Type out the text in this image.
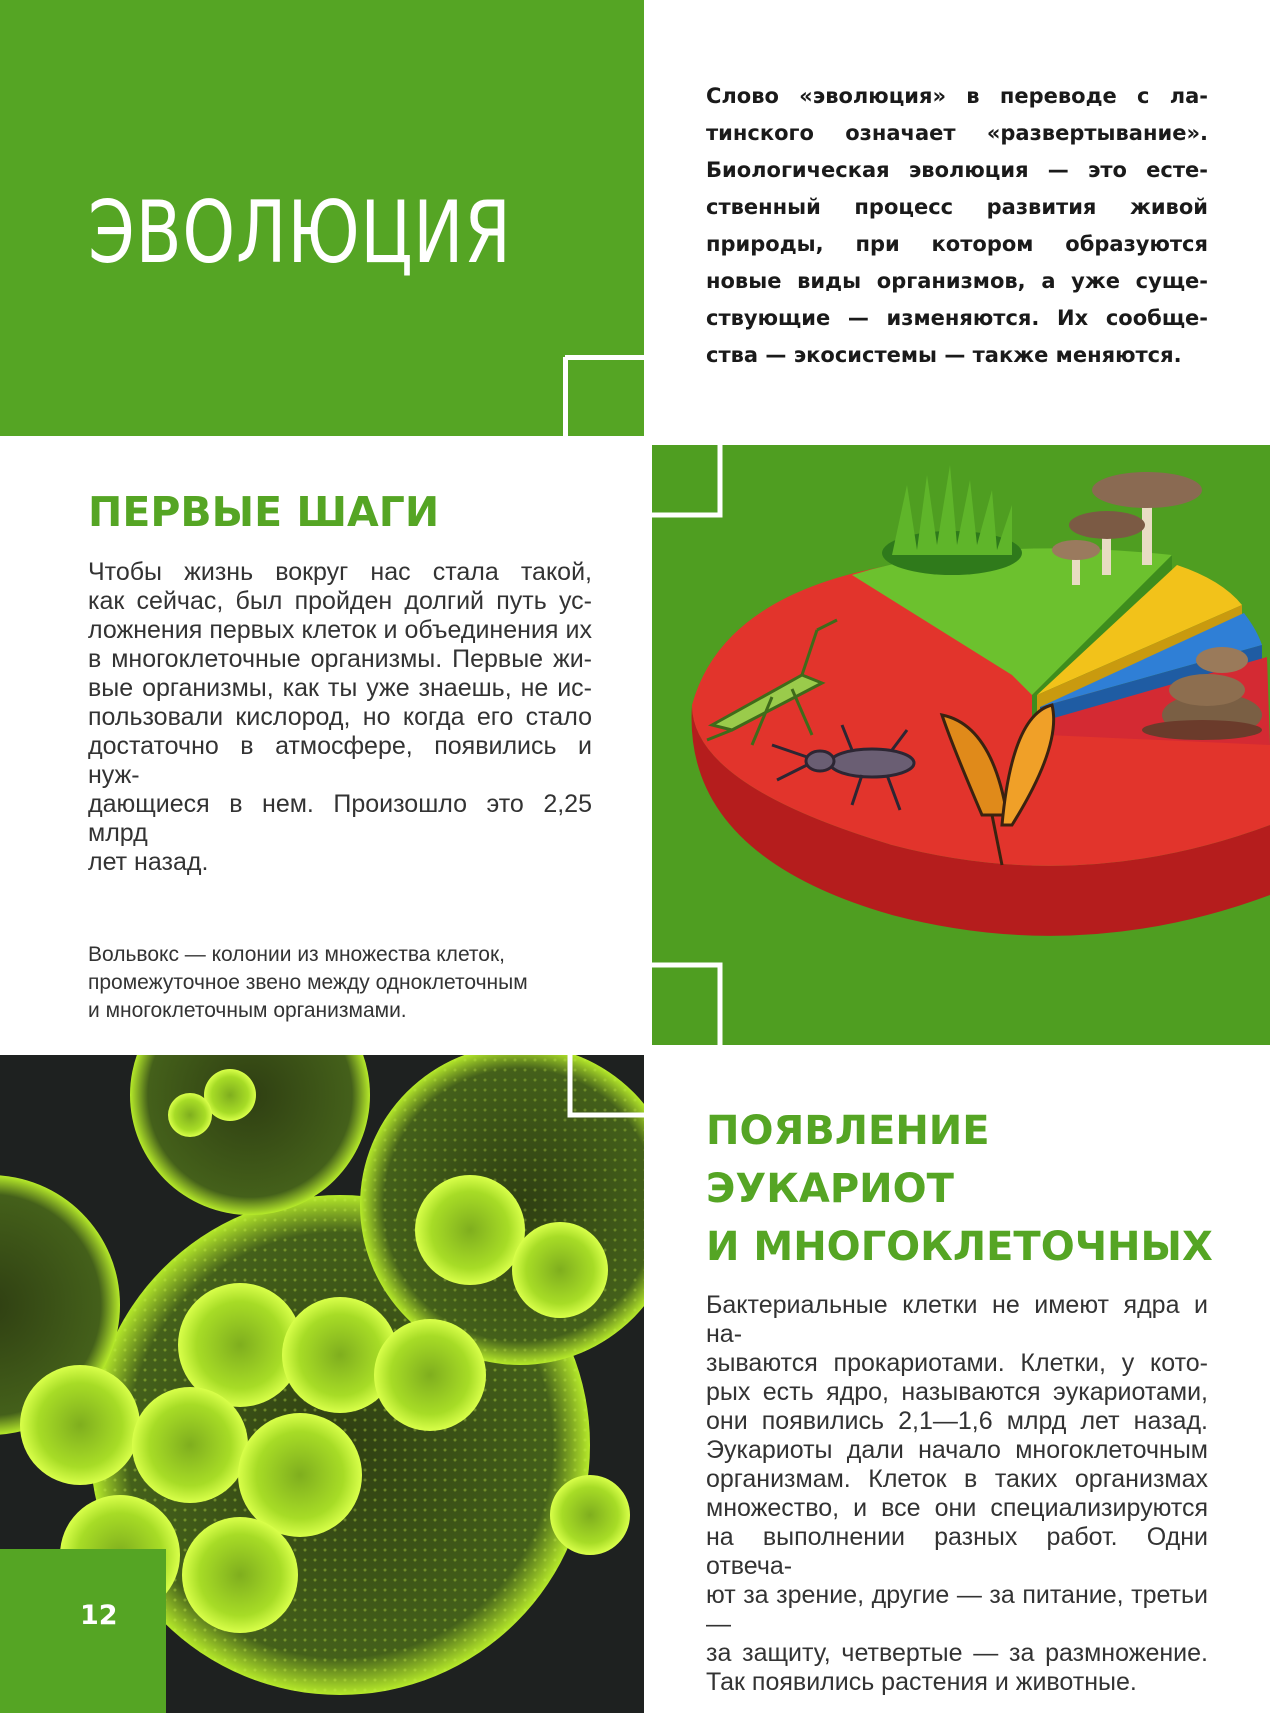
ЭВОЛЮЦИЯ
Слово «эволюция» в переводе с ла-
тинского означает «развертывание».
Биологическая эволюция — это есте-
ственный процесс развития живой
природы, при котором образуются
новые виды организмов, а уже суще-
ствующие — изменяются. Их сообще-
ства — экосистемы — также меняются.
ПЕРВЫЕ ШАГИ
Чтобы жизнь вокруг нас стала такой,
как сейчас, был пройден долгий путь ус-
ложнения первых клеток и объединения их
в многоклеточные организмы. Первые жи-
вые организмы, как ты уже знаешь, не ис-
пользовали кислород, но когда его стало
достаточно в атмосфере, появились и нуж-
дающиеся в нем. Произошло это 2,25 млрд
лет назад.
Вольвокс — колонии из множества клеток,
промежуточное звено между одноклеточным
и многоклеточным организмами.
ПОЯВЛЕНИЕ
ЭУКАРИОТ
И МНОГОКЛЕТОЧНЫХ
Бактериальные клетки не имеют ядра и на-
зываются прокариотами. Клетки, у кото-
рых есть ядро, называются эукариотами,
они появились 2,1—1,6 млрд лет назад.
Эукариоты дали начало многоклеточным
организмам. Клеток в таких организмах
множество, и все они специализируются
на выполнении разных работ. Одни отвеча-
ют за зрение, другие — за питание, третьи —
за защиту, четвертые — за размножение.
Так появились растения и животные.
12
